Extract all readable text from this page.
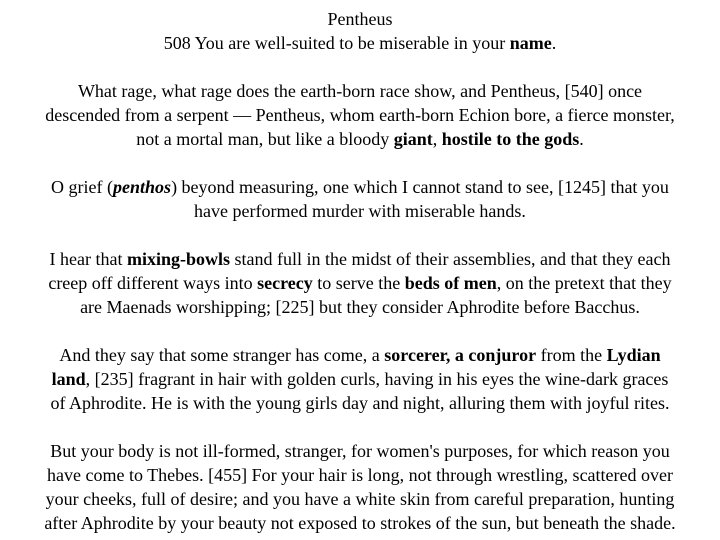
Pentheus
508 You are well-suited to be miserable in your name.
What rage, what rage does the earth-born race show, and Pentheus, [540] once
descended from a serpent — Pentheus, whom earth-born Echion bore, a fierce monster,
not a mortal man, but like a bloody giant, hostile to the gods.
O grief (penthos) beyond measuring, one which I cannot stand to see, [1245] that you
have performed murder with miserable hands.
I hear that mixing-bowls stand full in the midst of their assemblies, and that they each
creep off different ways into secrecy to serve the beds of men, on the pretext that they
are Maenads worshipping; [225] but they consider Aphrodite before Bacchus.
And they say that some stranger has come, a sorcerer, a conjuror from the Lydian
land, [235] fragrant in hair with golden curls, having in his eyes the wine-dark graces
of Aphrodite. He is with the young girls day and night, alluring them with joyful rites.
But your body is not ill-formed, stranger, for women's purposes, for which reason you
have come to Thebes. [455] For your hair is long, not through wrestling, scattered over
your cheeks, full of desire; and you have a white skin from careful preparation, hunting
after Aphrodite by your beauty not exposed to strokes of the sun, but beneath the shade.
